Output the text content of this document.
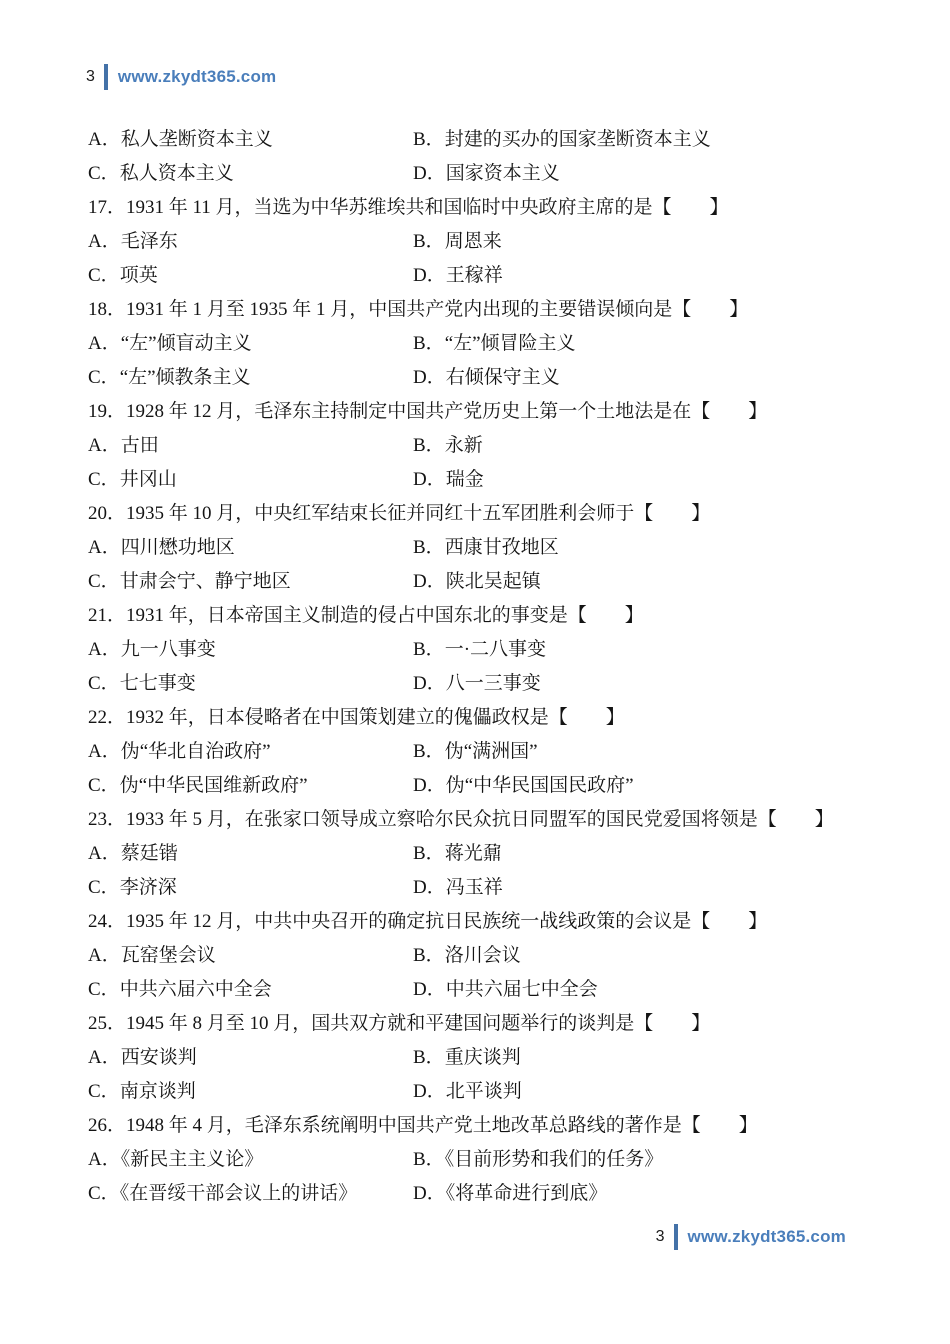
3 www.zkydt365.com
A．私人垄断资本主义	B．封建的买办的国家垄断资本主义
C．私人资本主义	D．国家资本主义
17．1931 年 11 月，当选为中华苏维埃共和国临时中央政府主席的是【　　】
A．毛泽东	B．周恩来
C．项英	D．王稼祥
18．1931 年 1 月至 1935 年 1 月，中国共产党内出现的主要错误倾向是【　　】
A．“左”倾盲动主义	B．“左”倾冒险主义
C．“左”倾教条主义	D．右倾保守主义
19．1928 年 12 月，毛泽东主持制定中国共产党历史上第一个土地法是在【　　】
A．古田	B．永新
C．井冈山	D．瑞金
20．1935 年 10 月，中央红军结束长征并同红十五军团胜利会师于【　　】
A．四川懋功地区	B．西康甘孜地区
C．甘肃会宁、静宁地区	D．陕北吴起镇
21．1931 年，日本帝国主义制造的侵占中国东北的事变是【　　】
A．九一八事变	B．一·二八事变
C．七七事变	D．八一三事变
22．1932 年，日本侵略者在中国策划建立的傀儡政权是【　　】
A．伪“华北自治政府”	B．伪“满洲国”
C．伪“中华民国维新政府”	D．伪“中华民国国民政府”
23．1933 年 5 月，在张家口领导成立察哈尔民众抗日同盟军的国民党爱国将领是【　　】
A．蔡廷锴	B．蒋光鼐
C．李济深	D．冯玉祥
24．1935 年 12 月，中共中央召开的确定抗日民族统一战线政策的会议是【　　】
A．瓦窑堡会议	B．洛川会议
C．中共六届六中全会	D．中共六届七中全会
25．1945 年 8 月至 10 月，国共双方就和平建国问题举行的谈判是【　　】
A．西安谈判	B．重庆谈判
C．南京谈判	D．北平谈判
26．1948 年 4 月，毛泽东系统阐明中国共产党土地改革总路线的著作是【　　】
A．《新民主主义论》	B．《目前形势和我们的任务》
C．《在晋绥干部会议上的讲话》	D．《将革命进行到底》
3 www.zkydt365.com
